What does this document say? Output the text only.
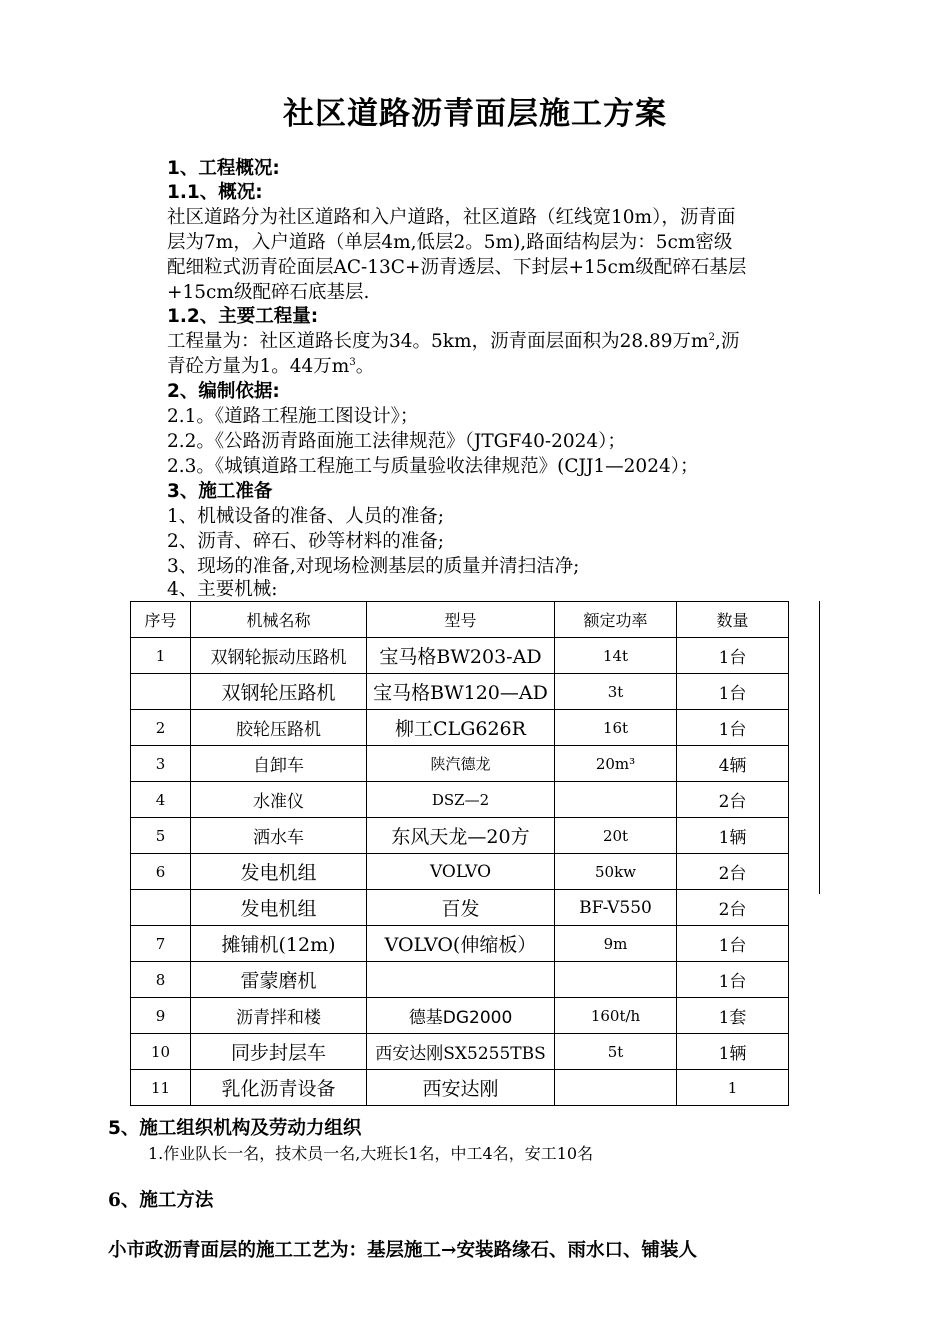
社区道路沥青面层施工方案
1、工程概况:
1.1、概况:
社区道路分为社区道路和入户道路，社区道路（红线宽10m），沥青面
层为7m，入户道路（单层4m,低层2。5m),路面结构层为：5cm密级
配细粒式沥青砼面层AC-13C+沥青透层、下封层+15cm级配碎石基层
+15cm级配碎石底基层.
1.2、主要工程量:
工程量为：社区道路长度为34。5km，沥青面层面积为28.89万$m^2$,沥
青砼方量为1。44万$m^3$。
2、编制依据:
2.1。《道路工程施工图设计》；
2.2。《公路沥青路面施工法律规范》（JTGF40-2024）；
2.3。《城镇道路工程施工与质量验收法律规范》(CJJ1—2024）；
3、施工准备
1、机械设备的准备、人员的准备;
2、沥青、碎石、砂等材料的准备;
3、现场的准备,对现场检测基层的质量并清扫洁净;
4、主要机械:
序号	机械名称	型号	额定功率	数量
1	双钢轮振动压路机	宝马格BW203-AD	14t	1台
	双钢轮压路机	宝马格BW120—AD	3t	1台
2	胶轮压路机	柳工CLG626R	16t	1台
3	自卸车	陕汽德龙	20m³	4辆
4	水准仪	DSZ—2		2台
5	洒水车	东风天龙—20方	20t	1辆
6	发电机组	VOLVO	50kw	2台
	发电机组	百发	BF-V550	2台
7	摊铺机(12m)	VOLVO(伸缩板）	9m	1台
8	雷蒙磨机			1台
9	沥青拌和楼	德基DG2000	160t/h	1套
10	同步封层车	西安达刚SX5255TBS	5t	1辆
11	乳化沥青设备	西安达刚		1
5、施工组织机构及劳动力组织
1.作业队长一名，技术员一名,大班长1名，中工4名，安工10名
6、施工方法
小市政沥青面层的施工工艺为：基层施工→安装路缘石、雨水口、铺装人
